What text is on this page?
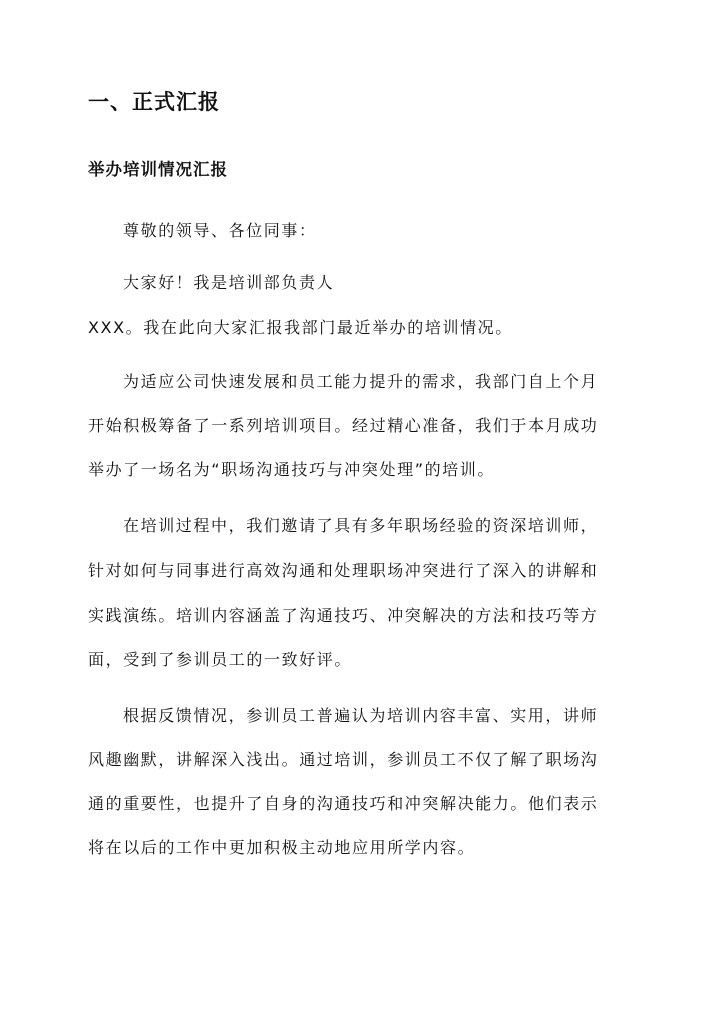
一、正式汇报
举办培训情况汇报
尊敬的领导、各位同事：
大家好！我是培训部负责人
XXX。我在此向大家汇报我部门最近举办的培训情况。
为适应公司快速发展和员工能力提升的需求，我部门自上个月
开始积极筹备了一系列培训项目。经过精心准备，我们于本月成功
举办了一场名为“职场沟通技巧与冲突处理”的培训。
在培训过程中，我们邀请了具有多年职场经验的资深培训师，
针对如何与同事进行高效沟通和处理职场冲突进行了深入的讲解和
实践演练。培训内容涵盖了沟通技巧、冲突解决的方法和技巧等方
面，受到了参训员工的一致好评。
根据反馈情况，参训员工普遍认为培训内容丰富、实用，讲师
风趣幽默，讲解深入浅出。通过培训，参训员工不仅了解了职场沟
通的重要性，也提升了自身的沟通技巧和冲突解决能力。他们表示
将在以后的工作中更加积极主动地应用所学内容。
